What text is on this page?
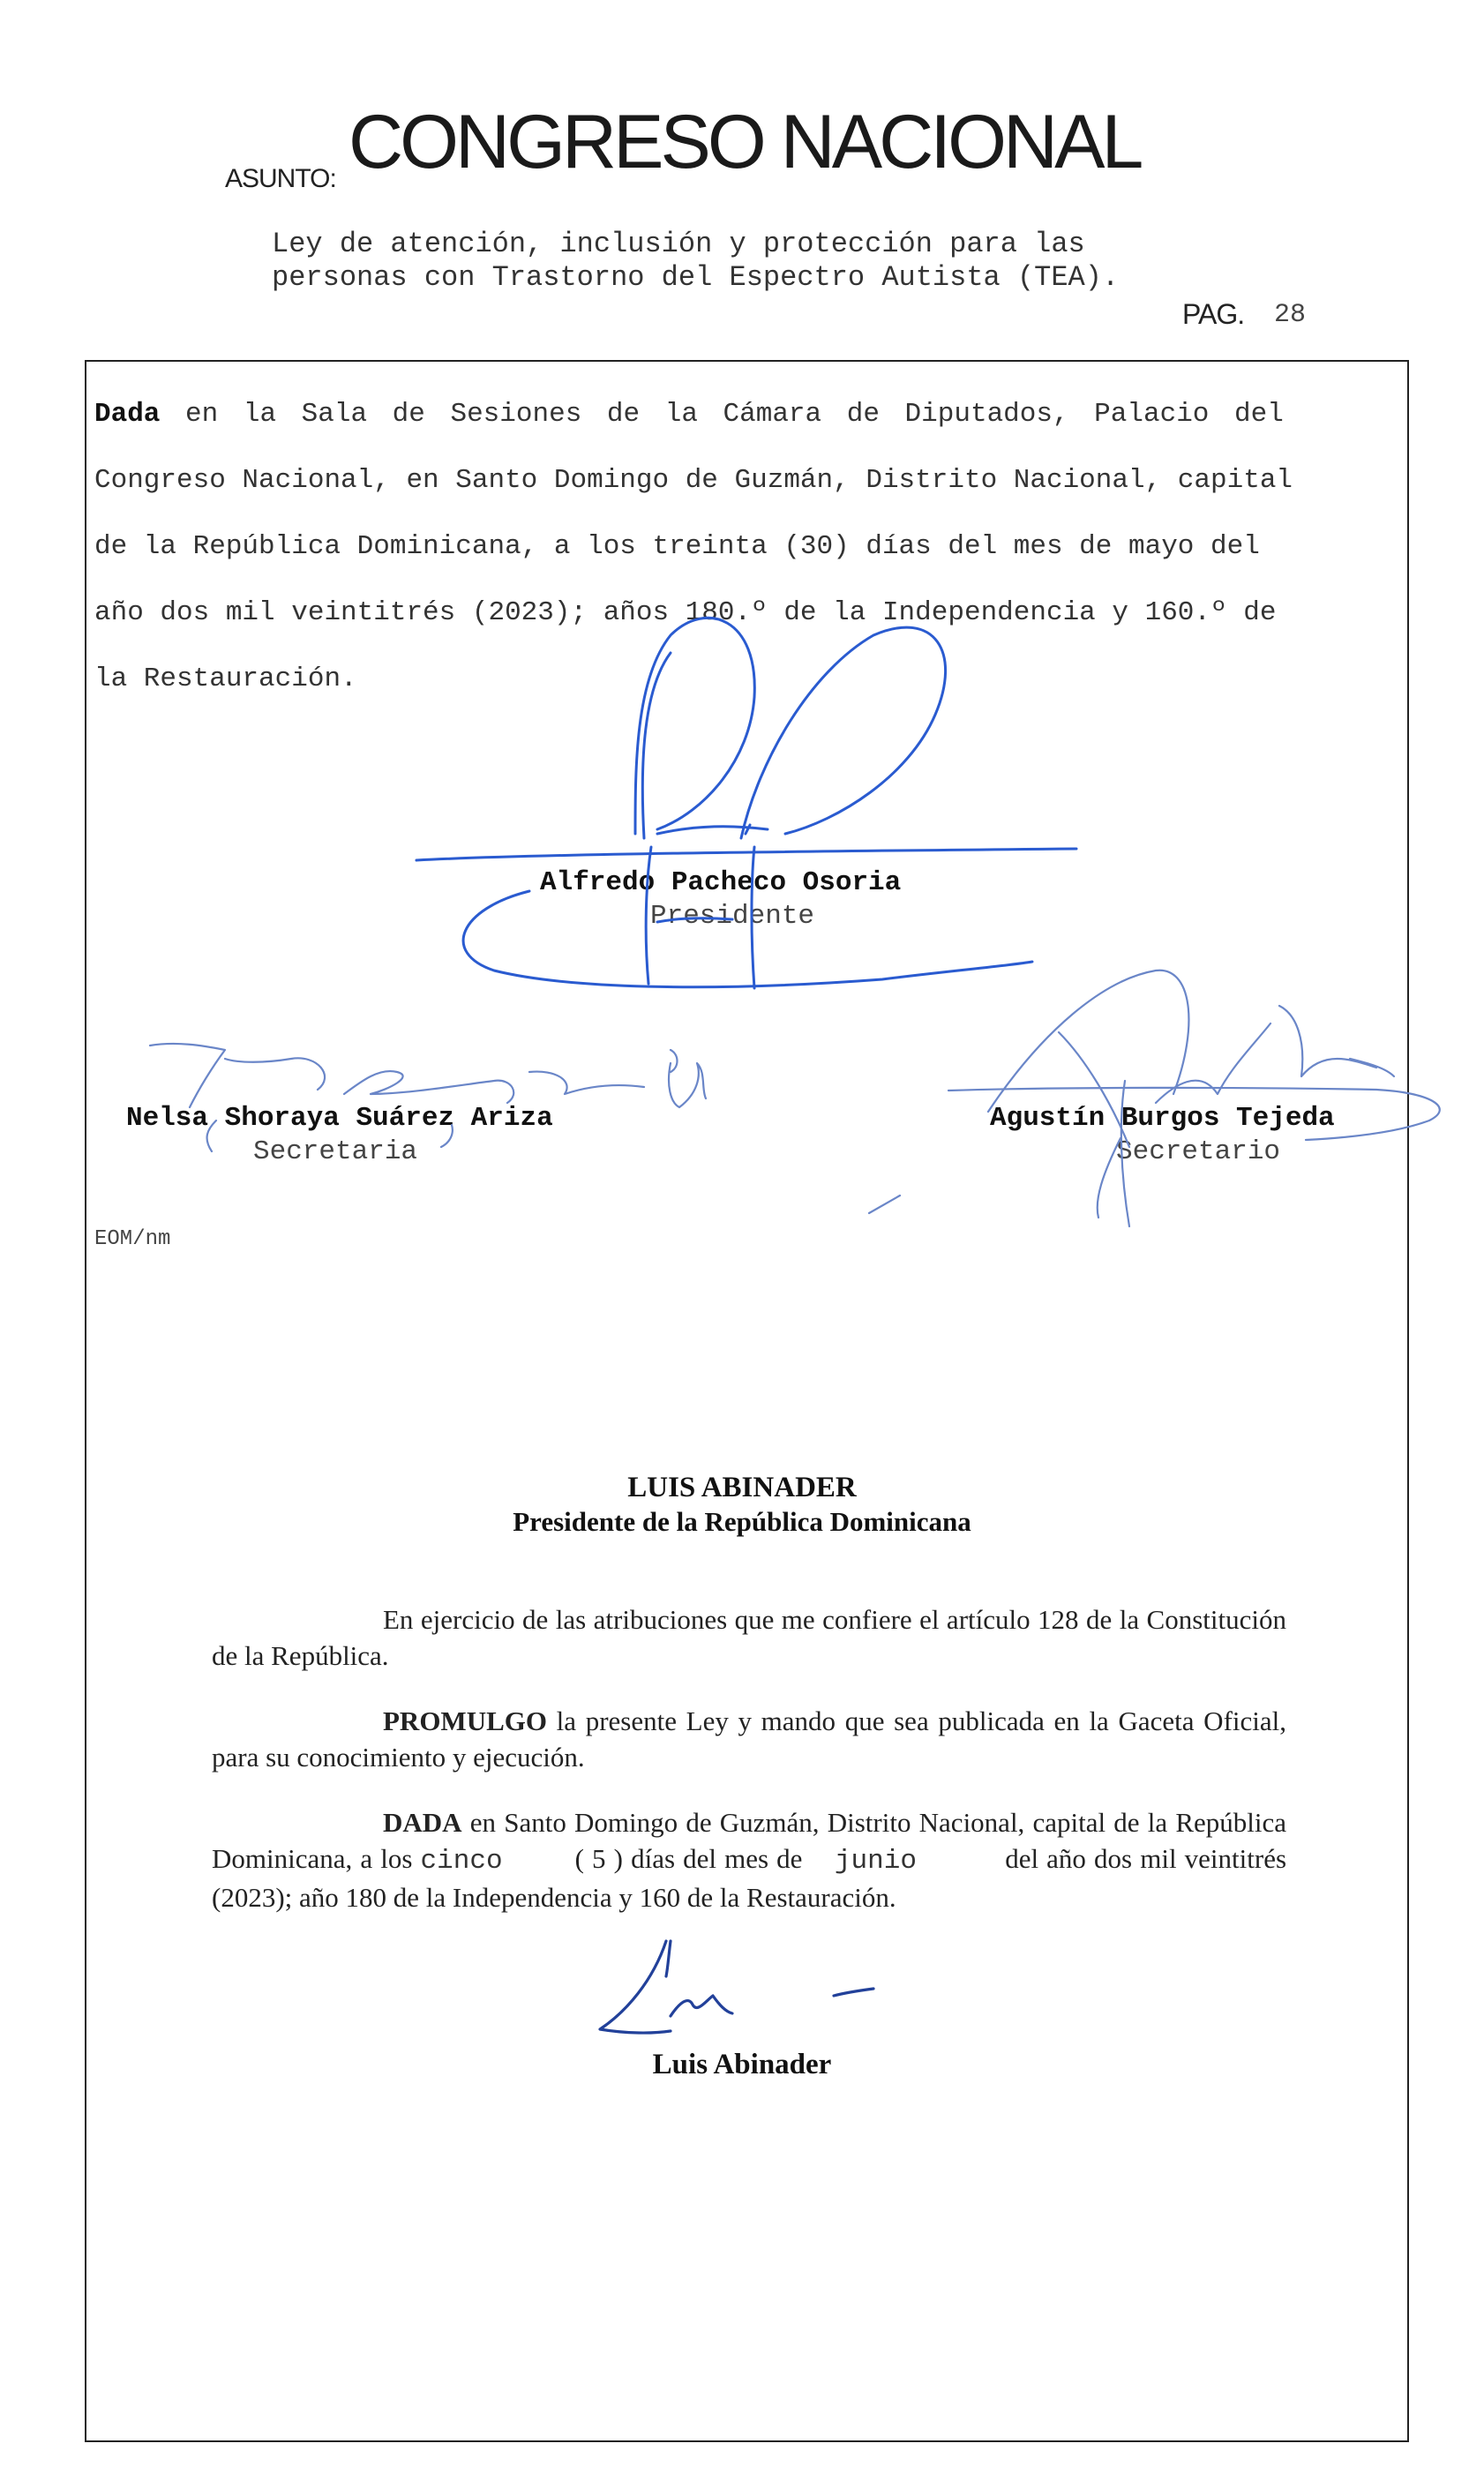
ASUNTO: CONGRESO NACIONAL
Ley de atención, inclusión y protección para las
personas con Trastorno del Espectro Autista (TEA).
PAG. 28
Dada en la Sala de Sesiones de la Cámara de Diputados, Palacio del
Congreso Nacional, en Santo Domingo de Guzmán, Distrito Nacional, capital
de la República Dominicana, a los treinta (30) días del mes de mayo del
año dos mil veintitrés (2023); años 180.º de la Independencia y 160.º de
la Restauración.
Alfredo Pacheco Osoria
Presidente
Nelsa Shoraya Suárez Ariza
Secretaria
Agustín Burgos Tejeda
Secretario
EOM/nm
LUIS ABINADER
Presidente de la República Dominicana
En ejercicio de las atribuciones que me confiere el artículo 128 de la Constitución de la República.
PROMULGO la presente Ley y mando que sea publicada en la Gaceta Oficial, para su conocimiento y ejecución.
DADA en Santo Domingo de Guzmán, Distrito Nacional, capital de la República Dominicana, a los cinco	( 5 ) días del mes de junio	del año dos mil veintitrés (2023); año 180 de la Independencia y 160 de la Restauración.
Luis Abinader
